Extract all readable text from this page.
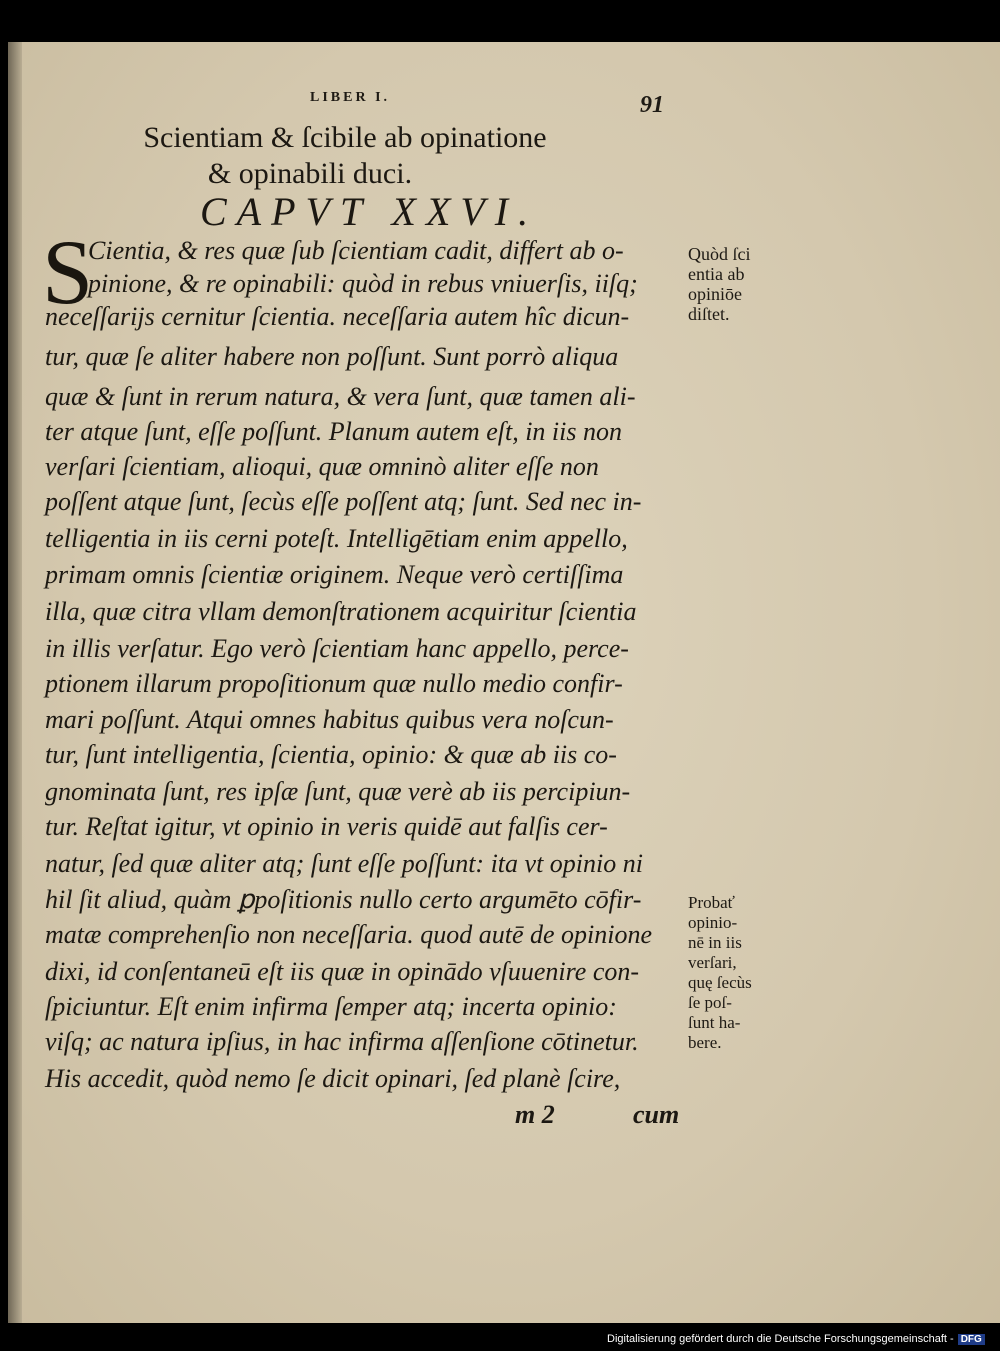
LIBER I.	91
Scientiam & ſcibile ab opinatione
& opinabili duci.
CAPVT XXVI.
S
Cientia, & res quæ ſub ſcientiam cadit, differt ab o-
pinione, & re opinabili: quòd in rebus vniuerſis, iiſq;
neceſſarijs cernitur ſcientia. neceſſaria autem hîc dicun-
tur, quæ ſe aliter habere non poſſunt. Sunt porrò aliqua
quæ & ſunt in rerum natura, & vera ſunt, quæ tamen ali-
ter atque ſunt, eſſe poſſunt. Planum autem eſt, in iis non
verſari ſcientiam, alioqui, quæ omninò aliter eſſe non
poſſent atque ſunt, ſecùs eſſe poſſent atq; ſunt. Sed nec in-
telligentia in iis cerni poteſt. Intelligētiam enim appello,
primam omnis ſcientiæ originem. Neque verò certiſſima
illa, quæ citra vllam demonſtrationem acquiritur ſcientia
in illis verſatur. Ego verò ſcientiam hanc appello, perce-
ptionem illarum propoſitionum quæ nullo medio confir-
mari poſſunt. Atqui omnes habitus quibus vera noſcun-
tur, ſunt intelligentia, ſcientia, opinio: & quæ ab iis co-
gnominata ſunt, res ipſæ ſunt, quæ verè ab iis percipiun-
tur. Reſtat igitur, vt opinio in veris quidē aut falſis cer-
natur, ſed quæ aliter atq; ſunt eſſe poſſunt: ita vt opinio ni
hil ſit aliud, quàm ꝑpoſitionis nullo certo argumēto cōfir-
matæ comprehenſio non neceſſaria. quod autē de opinione
dixi, id conſentaneū eſt iis quæ in opinādo vſuuenire con-
ſpiciuntur. Eſt enim infirma ſemper atq; incerta opinio:
viſq; ac natura ipſius, in hac infirma aſſenſione cōtinetur.
His accedit, quòd nemo ſe dicit opinari, ſed planè ſcire,
m 2	cum
Quòd ſci
entia ab
opiniōe
diſtet.
Probať
opinio-
nē in iis
verſari,
quę ſecùs
ſe poſ-
ſunt ha-
bere.
Digitalisierung gefördert durch die Deutsche Forschungsgemeinschaft - DFG
